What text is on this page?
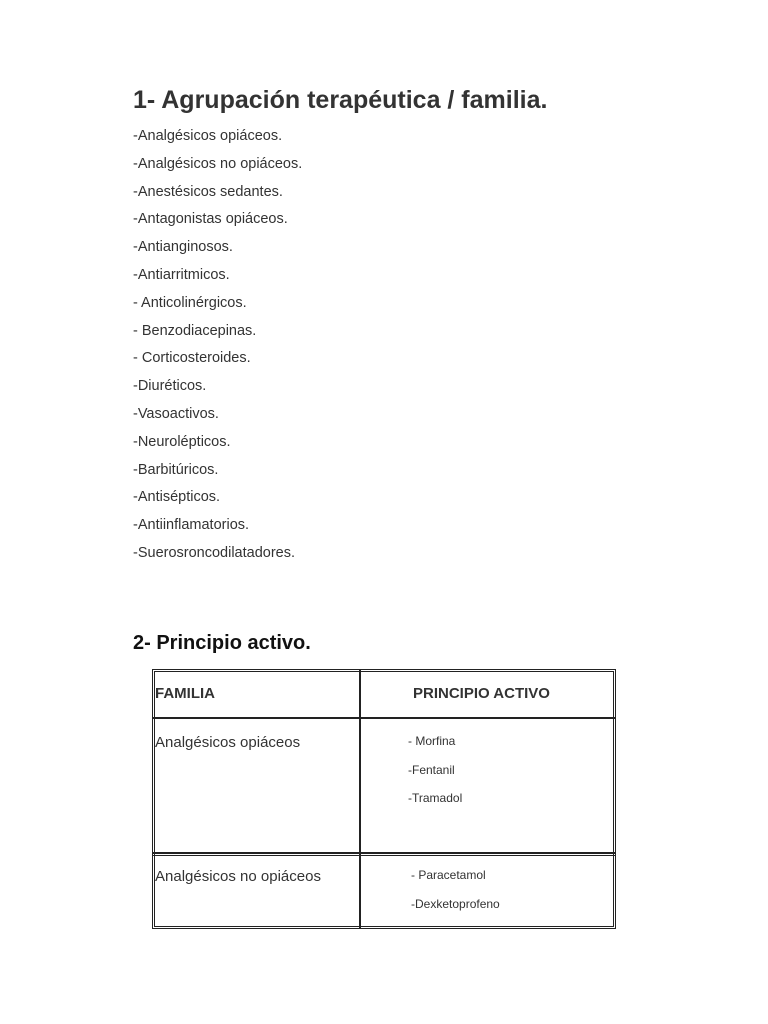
1- Agrupación terapéutica / familia.
-Analgésicos opiáceos.
-Analgésicos no opiáceos.
-Anestésicos sedantes.
-Antagonistas opiáceos.
-Antianginosos.
-Antiarritmicos.
- Anticolinérgicos.
- Benzodiacepinas.
- Corticosteroides.
-Diuréticos.
-Vasoactivos.
-Neurolépticos.
-Barbitúricos.
-Antisépticos.
-Antiinflamatorios.
-Suerosroncodilatadores.
2- Principio activo.
FAMILIA	PRINCIPIO ACTIVO
Analgésicos opiáceos	- Morfina
-Fentanil
-Tramadol
Analgésicos no opiáceos	- Paracetamol
-Dexketoprofeno
